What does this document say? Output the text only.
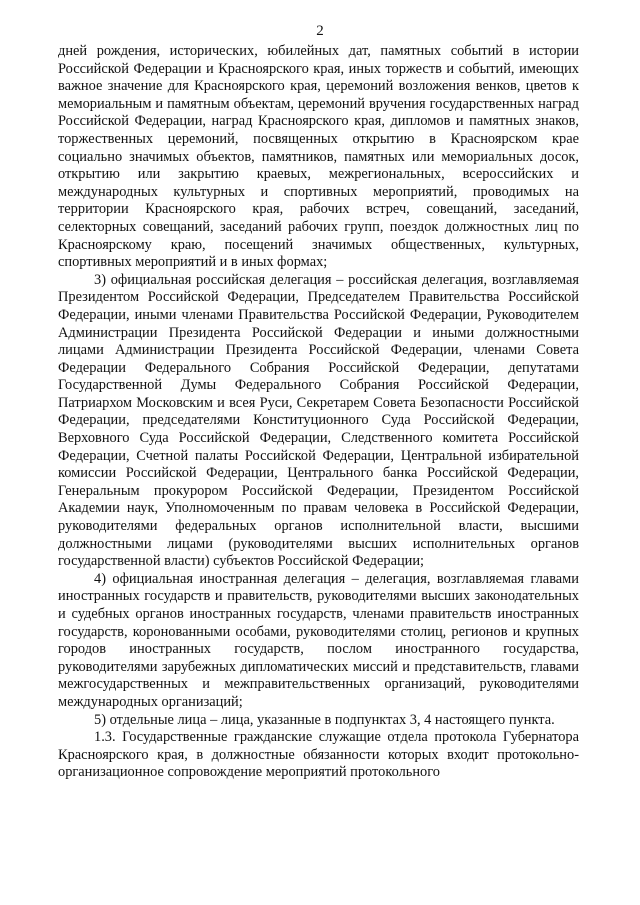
2

дней рождения, исторических, юбилейных дат, памятных событий в истории Российской Федерации и Красноярского края, иных торжеств и событий, имеющих важное значение для Красноярского края, церемоний возложения венков, цветов к мемориальным и памятным объектам, церемоний вручения государственных наград Российской Федерации, наград Красноярского края, дипломов и памятных знаков, торжественных церемоний, посвященных открытию в Красноярском крае социально значимых объектов, памятников, памятных или мемориальных досок, открытию или закрытию краевых, межрегиональных, всероссийских и международных культурных и спортивных мероприятий, проводимых на территории Красноярского края, рабочих встреч, совещаний, заседаний, селекторных совещаний, заседаний рабочих групп, поездок должностных лиц по Красноярскому краю, посещений значимых общественных, культурных, спортивных мероприятий и в иных формах;

3) официальная российская делегация – российская делегация, возглавляемая Президентом Российской Федерации, Председателем Правительства Российской Федерации, иными членами Правительства Российской Федерации, Руководителем Администрации Президента Российской Федерации и иными должностными лицами Администрации Президента Российской Федерации, членами Совета Федерации Федерального Собрания Российской Федерации, депутатами Государственной Думы Федерального Собрания Российской Федерации, Патриархом Московским и всея Руси, Секретарем Совета Безопасности Российской Федерации, председателями Конституционного Суда Российской Федерации, Верховного Суда Российской Федерации, Следственного комитета Российской Федерации, Счетной палаты Российской Федерации, Центральной избирательной комиссии Российской Федерации, Центрального банка Российской Федерации, Генеральным прокурором Российской Федерации, Президентом Российской Академии наук, Уполномоченным по правам человека в Российской Федерации, руководителями федеральных органов исполнительной власти, высшими должностными лицами (руководителями высших исполнительных органов государственной власти) субъектов Российской Федерации;

4) официальная иностранная делегация – делегация, возглавляемая главами иностранных государств и правительств, руководителями высших законодательных и судебных органов иностранных государств, членами правительств иностранных государств, коронованными особами, руководителями столиц, регионов и крупных городов иностранных государств, послом иностранного государства, руководителями зарубежных дипломатических миссий и представительств, главами межгосударственных и межправительственных организаций, руководителями международных организаций;

5) отдельные лица – лица, указанные в подпунктах 3, 4 настоящего пункта.

1.3. Государственные гражданские служащие отдела протокола Губернатора Красноярского края, в должностные обязанности которых входит протокольно-организационное сопровождение мероприятий протокольного
